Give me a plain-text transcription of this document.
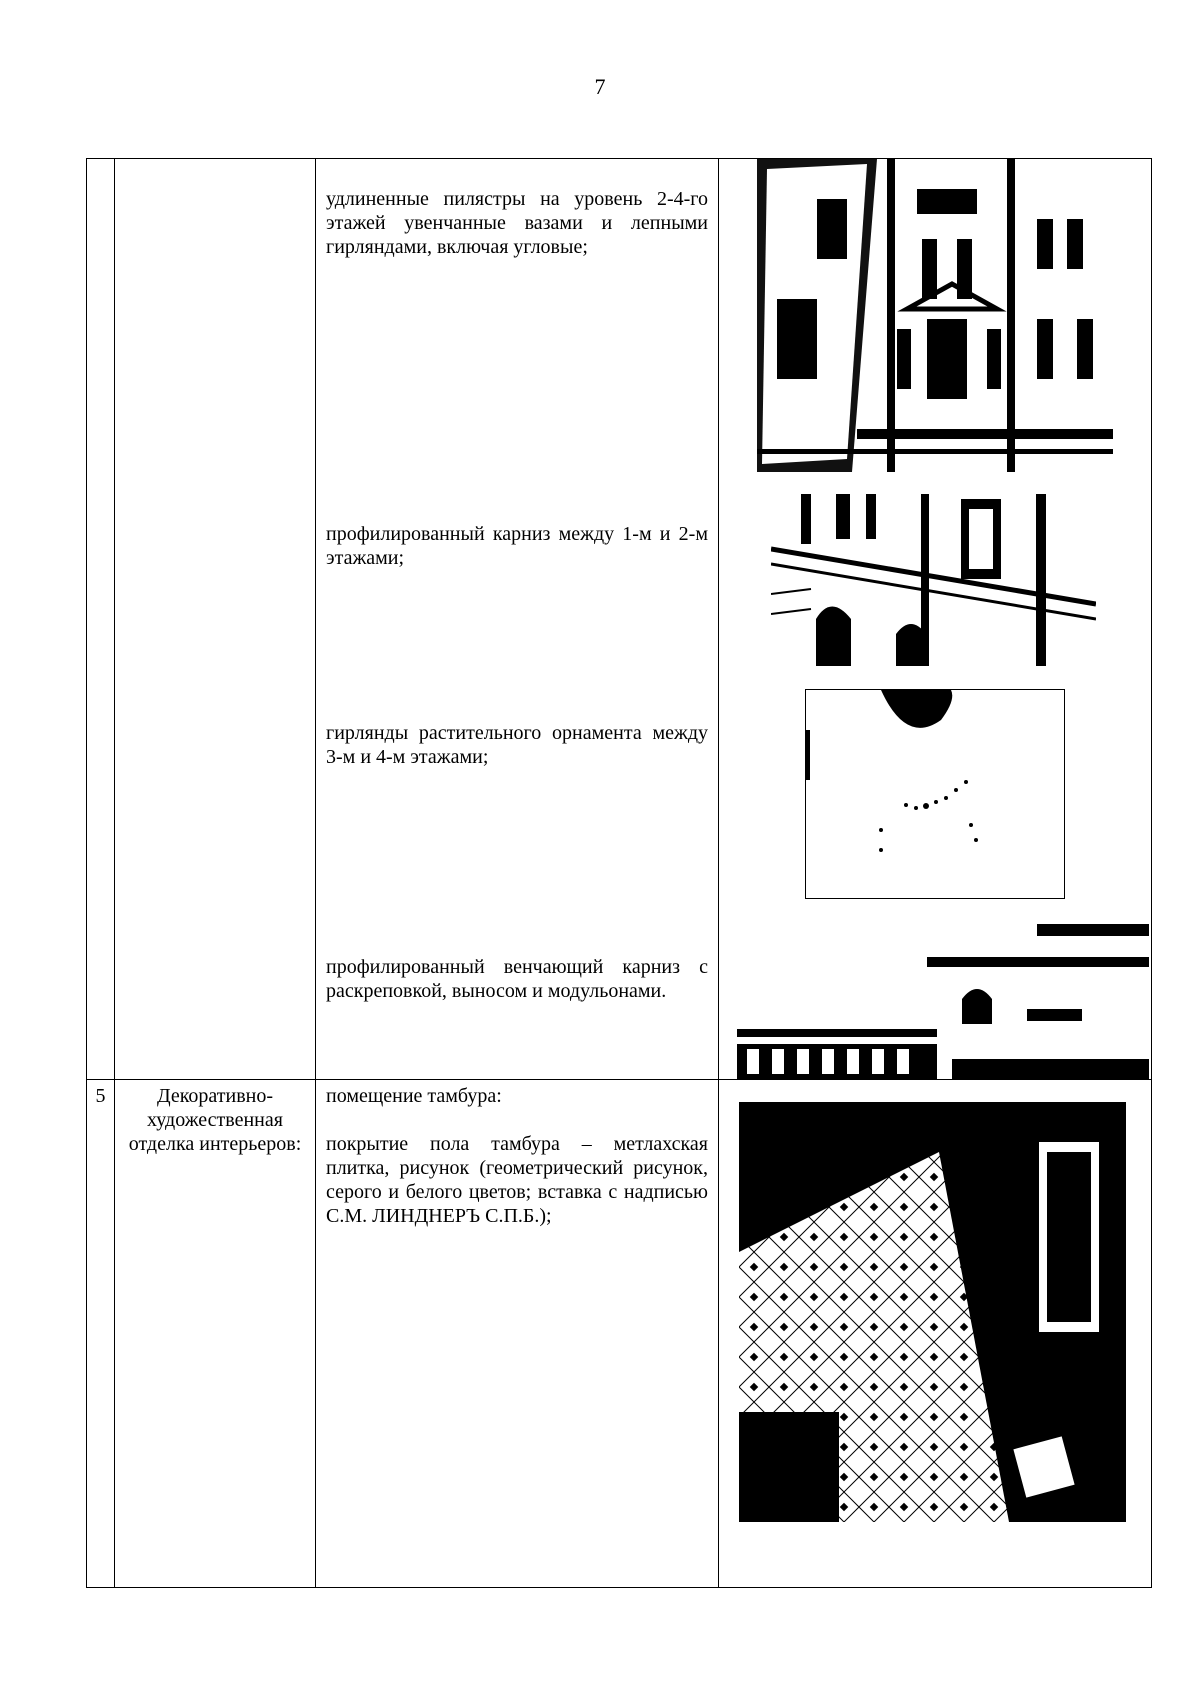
7

		удлиненные пилястры на уровень 2-4-го этажей увенчанные вазами и лепными гирляндами, включая угловые;

профилированный карниз между 1-м и 2-м этажами;

гирлянды растительного орнамента между 3-м и 4-м этажами;

профилированный венчающий карниз с раскреповкой, выносом и модульонами.

5	Декоративно-художественная отделка интерьеров:	помещение тамбура:

покрытие пола тамбура – метлахская плитка, рисунок (геометрический рисунок, серого и белого цветов; вставка с надписью С.М. ЛИНДНЕРЪ С.П.Б.);
